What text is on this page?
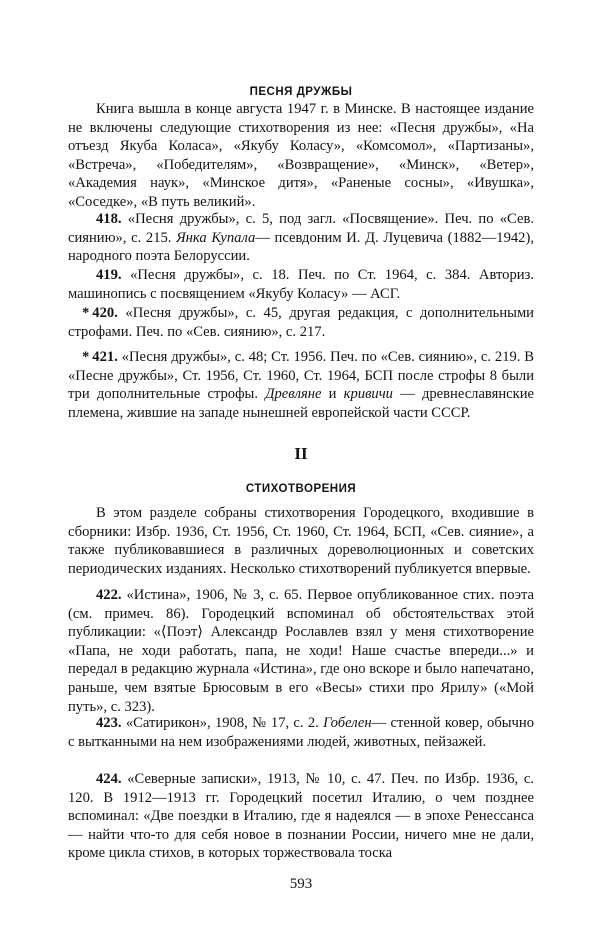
ПЕСНЯ ДРУЖБЫ

Книга вышла в конце августа 1947 г. в Минске. В настоящее издание не включены следующие стихотворения из нее: «Песня дружбы», «На отъезд Якуба Коласа», «Якубу Коласу», «Комсомол», «Партизаны», «Встреча», «Победителям», «Возвращение», «Минск», «Ветер», «Академия наук», «Минское дитя», «Раненые сосны», «Ивушка», «Соседке», «В путь великий».

418. «Песня дружбы», с. 5, под загл. «Посвящение». Печ. по «Сев. сиянию», с. 215. Янка Купала— псевдоним И. Д. Луцевича (1882—1942), народного поэта Белоруссии.

419. «Песня дружбы», с. 18. Печ. по Ст. 1964, с. 384. Авториз. машинопись с посвящением «Якубу Коласу» — АСГ.

* 420. «Песня дружбы», с. 45, другая редакция, с дополнительными строфами. Печ. по «Сев. сиянию», с. 217.

* 421. «Песня дружбы», с. 48; Ст. 1956. Печ. по «Сев. сиянию», с. 219. В «Песне дружбы», Ст. 1956, Ст. 1960, Ст. 1964, БСП после строфы 8 были три дополнительные строфы. Древляне и кривичи — древнеславянские племена, жившие на западе нынешней европейской части СССР.

II
СТИХОТВОРЕНИЯ

В этом разделе собраны стихотворения Городецкого, входившие в сборники: Избр. 1936, Ст. 1956, Ст. 1960, Ст. 1964, БСП, «Сев. сияние», а также публиковавшиеся в различных дореволюционных и советских периодических изданиях. Несколько стихотворений публикуется впервые.

422. «Истина», 1906, № 3, с. 65. Первое опубликованное стих. поэта (см. примеч. 86). Городецкий вспоминал об обстоятельствах этой публикации: «⟨Поэт⟩ Александр Рославлев взял у меня стихотворение «Папа, не ходи работать, папа, не ходи! Наше счастье впереди...» и передал в редакцию журнала «Истина», где оно вскоре и было напечатано, раньше, чем взятые Брюсовым в его «Весы» стихи про Ярилу» («Мой путь», с. 323).

423. «Сатирикон», 1908, № 17, с. 2. Гобелен— стенной ковер, обычно с вытканными на нем изображениями людей, животных, пейзажей.

424. «Северные записки», 1913, № 10, с. 47. Печ. по Избр. 1936, с. 120. В 1912—1913 гг. Городецкий посетил Италию, о чем позднее вспоминал: «Две поездки в Италию, где я надеялся — в эпохе Ренессанса — найти что-то для себя новое в познании России, ничего мне не дали, кроме цикла стихов, в которых торжествовала тоска

593
